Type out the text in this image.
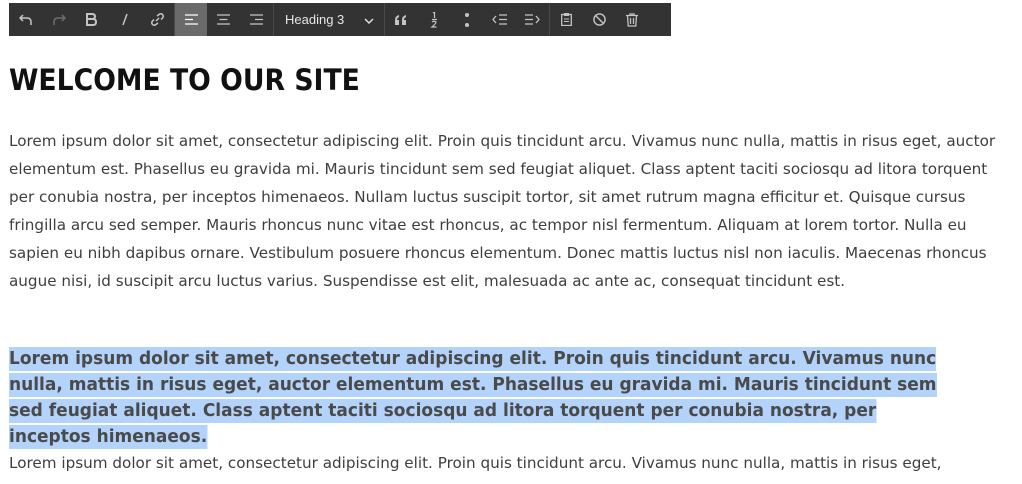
Heading 3
WELCOME TO OUR SITE

Lorem ipsum dolor sit amet, consectetur adipiscing elit. Proin quis tincidunt arcu. Vivamus nunc nulla, mattis in risus eget, auctor elementum est. Phasellus eu gravida mi. Mauris tincidunt sem sed feugiat aliquet. Class aptent taciti sociosqu ad litora torquent per conubia nostra, per inceptos himenaeos. Nullam luctus suscipit tortor, sit amet rutrum magna efficitur et. Quisque cursus fringilla arcu sed semper. Mauris rhoncus nunc vitae est rhoncus, ac tempor nisl fermentum. Aliquam at lorem tortor. Nulla eu sapien eu nibh dapibus ornare. Vestibulum posuere rhoncus elementum. Donec mattis luctus nisl non iaculis. Maecenas rhoncus augue nisi, id suscipit arcu luctus varius. Suspendisse est elit, malesuada ac ante ac, consequat tincidunt est.

Lorem ipsum dolor sit amet, consectetur adipiscing elit. Proin quis tincidunt arcu. Vivamus nunc nulla, mattis in risus eget, auctor elementum est. Phasellus eu gravida mi. Mauris tincidunt sem sed feugiat aliquet. Class aptent taciti sociosqu ad litora torquent per conubia nostra, per inceptos himenaeos.

Lorem ipsum dolor sit amet, consectetur adipiscing elit. Proin quis tincidunt arcu. Vivamus nunc nulla, mattis in risus eget,
